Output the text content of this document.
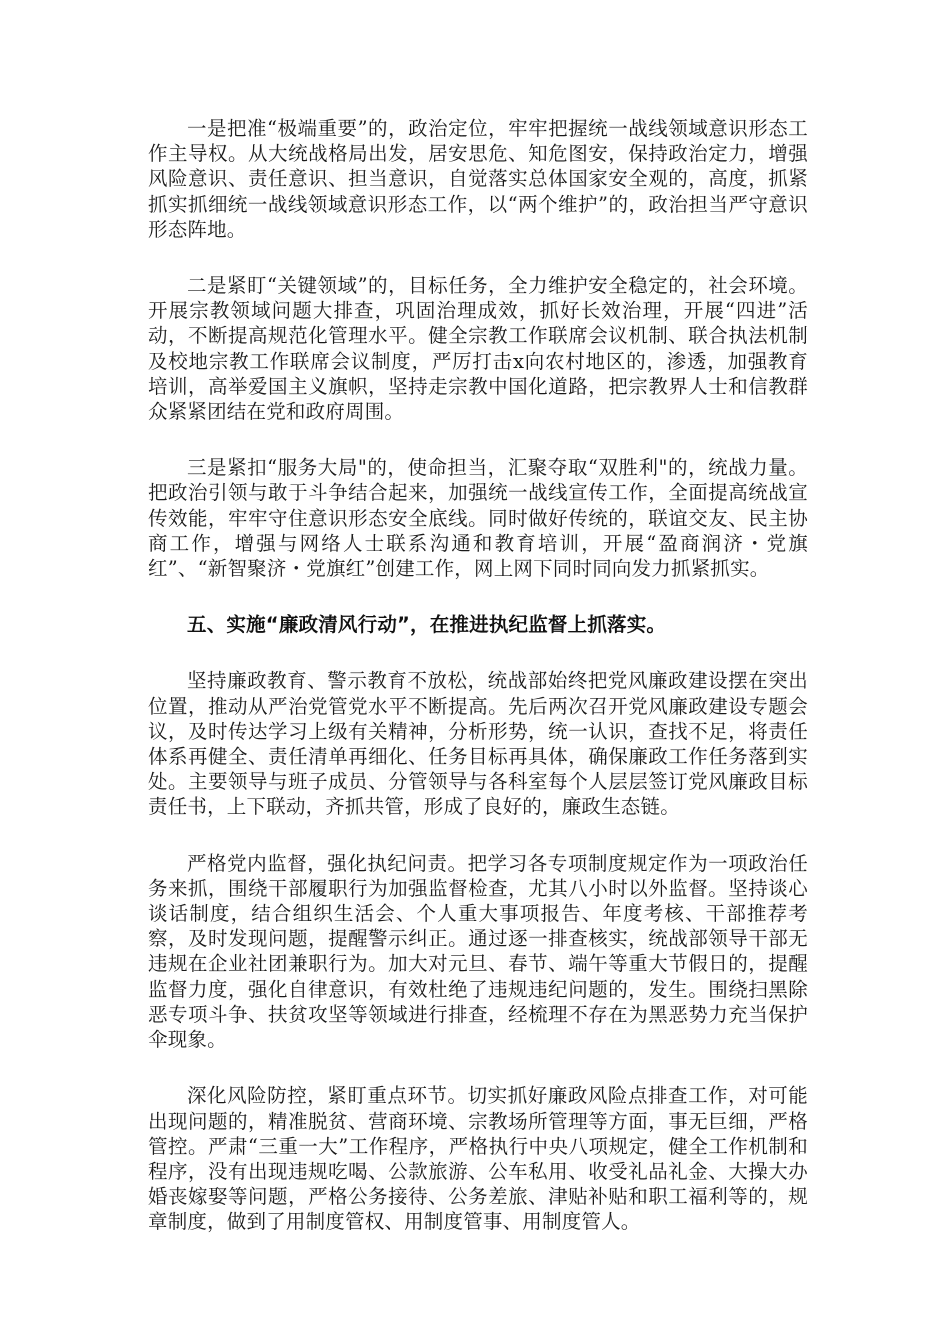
一是把准“极端重要”的，政治定位，牢牢把握统一战线领域意识形态工作主导权。从大统战格局出发，居安思危、知危图安，保持政治定力，增强风险意识、责任意识、担当意识，自觉落实总体国家安全观的，高度，抓紧抓实抓细统一战线领域意识形态工作，以“两个维护”的，政治担当严守意识形态阵地。

二是紧盯“关键领域”的，目标任务，全力维护安全稳定的，社会环境。开展宗教领域问题大排查，巩固治理成效，抓好长效治理，开展“四进”活动，不断提高规范化管理水平。健全宗教工作联席会议机制、联合执法机制及校地宗教工作联席会议制度，严厉打击x向农村地区的，渗透，加强教育培训，高举爱国主义旗帜，坚持走宗教中国化道路，把宗教界人士和信教群众紧紧团结在党和政府周围。

三是紧扣“服务大局"的，使命担当，汇聚夺取“双胜利"的，统战力量。把政治引领与敢于斗争结合起来，加强统一战线宣传工作，全面提高统战宣传效能，牢牢守住意识形态安全底线。同时做好传统的，联谊交友、民主协商工作，增强与网络人士联系沟通和教育培训，开展“盈商润济・党旗红”、“新智聚济・党旗红”创建工作，网上网下同时同向发力抓紧抓实。

五、实施“廉政清风行动”，在推进执纪监督上抓落实。

坚持廉政教育、警示教育不放松，统战部始终把党风廉政建设摆在突出位置，推动从严治党管党水平不断提高。先后两次召开党风廉政建设专题会议，及时传达学习上级有关精神，分析形势，统一认识，查找不足，将责任体系再健全、责任清单再细化、任务目标再具体，确保廉政工作任务落到实处。主要领导与班子成员、分管领导与各科室每个人层层签订党风廉政目标责任书，上下联动，齐抓共管，形成了良好的，廉政生态链。

严格党内监督，强化执纪问责。把学习各专项制度规定作为一项政治任务来抓，围绕干部履职行为加强监督检查，尤其八小时以外监督。坚持谈心谈话制度，结合组织生活会、个人重大事项报告、年度考核、干部推荐考察，及时发现问题，提醒警示纠正。通过逐一排查核实，统战部领导干部无违规在企业社团兼职行为。加大对元旦、春节、端午等重大节假日的，提醒监督力度，强化自律意识，有效杜绝了违规违纪问题的，发生。围绕扫黑除恶专项斗争、扶贫攻坚等领域进行排查，经梳理不存在为黑恶势力充当保护伞现象。

深化风险防控，紧盯重点环节。切实抓好廉政风险点排查工作，对可能出现问题的，精准脱贫、营商环境、宗教场所管理等方面，事无巨细，严格管控。严肃“三重一大”工作程序，严格执行中央八项规定，健全工作机制和程序，没有出现违规吃喝、公款旅游、公车私用、收受礼品礼金、大操大办婚丧嫁娶等问题，严格公务接待、公务差旅、津贴补贴和职工福利等的，规章制度，做到了用制度管权、用制度管事、用制度管人。
